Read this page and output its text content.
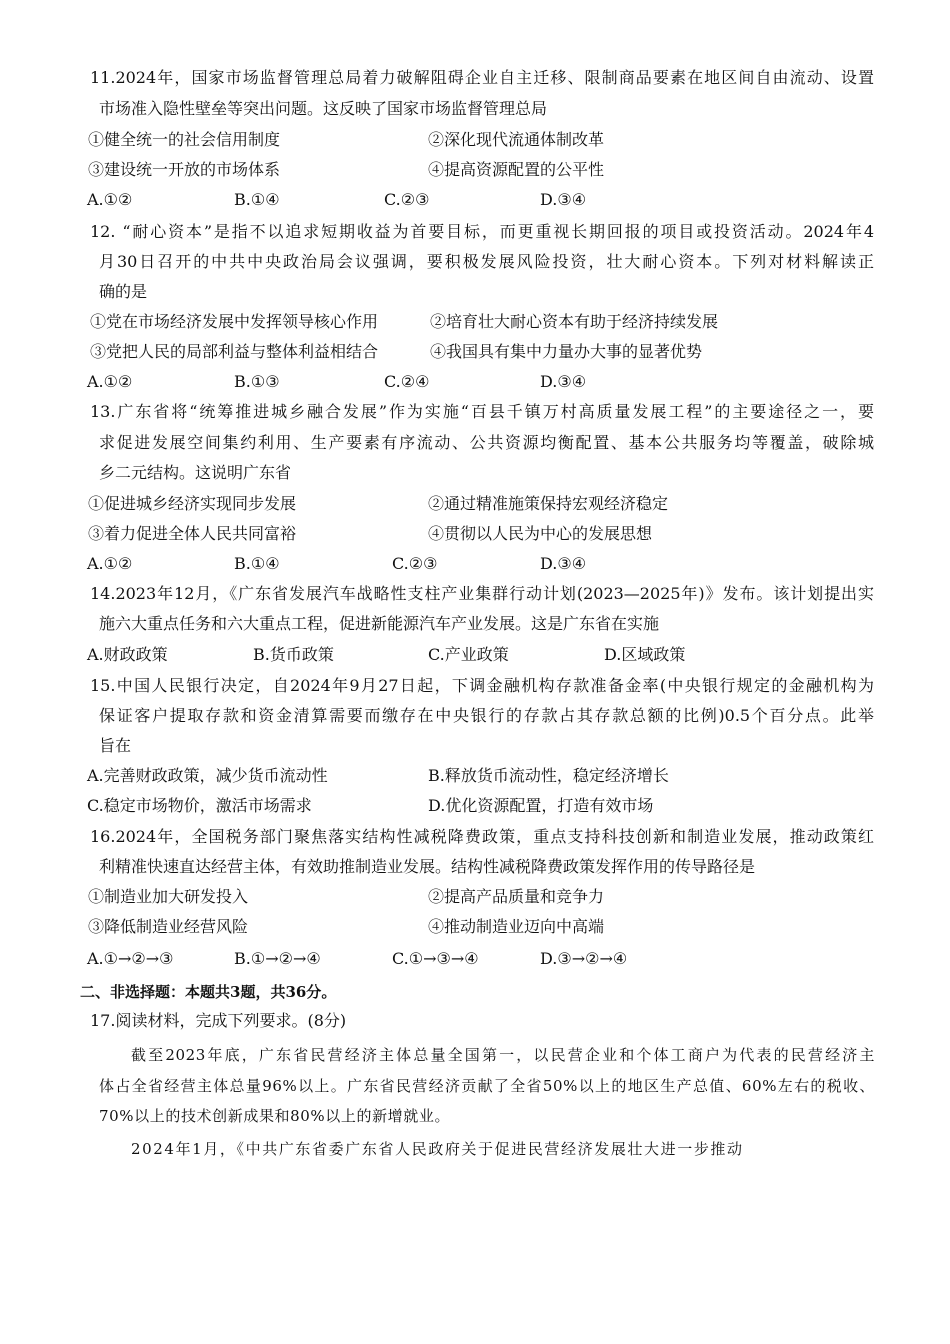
11.2024年，国家市场监督管理总局着力破解阻碍企业自主迁移、限制商品要素在地区间自由流动、设置
市场准入隐性壁垒等突出问题。这反映了国家市场监督管理总局
①健全统一的社会信用制度	②深化现代流通体制改革
③建设统一开放的市场体系	④提高资源配置的公平性
A.①②	B.①④	C.②③	D.③④
12. “耐心资本”是指不以追求短期收益为首要目标，而更重视长期回报的项目或投资活动。2024年4
月30日召开的中共中央政治局会议强调，要积极发展风险投资，壮大耐心资本。下列对材料解读正
确的是
①党在市场经济发展中发挥领导核心作用	②培育壮大耐心资本有助于经济持续发展
③党把人民的局部利益与整体利益相结合	④我国具有集中力量办大事的显著优势
A.①②	B.①③	C.②④	D.③④
13.广东省将“统筹推进城乡融合发展”作为实施“百县千镇万村高质量发展工程”的主要途径之一，要
求促进发展空间集约利用、生产要素有序流动、公共资源均衡配置、基本公共服务均等覆盖，破除城
乡二元结构。这说明广东省
①促进城乡经济实现同步发展	②通过精准施策保持宏观经济稳定
③着力促进全体人民共同富裕	④贯彻以人民为中心的发展思想
A.①②	B.①④	C.②③	D.③④
14.2023年12月，《广东省发展汽车战略性支柱产业集群行动计划(2023—2025年)》发布。该计划提出实
施六大重点任务和六大重点工程，促进新能源汽车产业发展。这是广东省在实施
A.财政政策	B.货币政策	C.产业政策	D.区域政策
15.中国人民银行决定，自2024年9月27日起，下调金融机构存款准备金率(中央银行规定的金融机构为
保证客户提取存款和资金清算需要而缴存在中央银行的存款占其存款总额的比例)0.5个百分点。此举
旨在
A.完善财政政策，减少货币流动性	B.释放货币流动性，稳定经济增长
C.稳定市场物价，激活市场需求	D.优化资源配置，打造有效市场
16.2024年，全国税务部门聚焦落实结构性减税降费政策，重点支持科技创新和制造业发展，推动政策红
利精准快速直达经营主体，有效助推制造业发展。结构性减税降费政策发挥作用的传导路径是
①制造业加大研发投入	②提高产品质量和竞争力
③降低制造业经营风险	④推动制造业迈向中高端
A.①→②→③	B.①→②→④	C.①→③→④	D.③→②→④
二、非选择题：本题共3题，共36分。
17.阅读材料，完成下列要求。(8分)
截至2023年底，广东省民营经济主体总量全国第一，以民营企业和个体工商户为代表的民营经济主
体占全省经营主体总量96%以上。广东省民营经济贡献了全省50%以上的地区生产总值、60%左右的税收、
70%以上的技术创新成果和80%以上的新增就业。
2024年1月，《中共广东省委广东省人民政府关于促进民营经济发展壮大进一步推动
